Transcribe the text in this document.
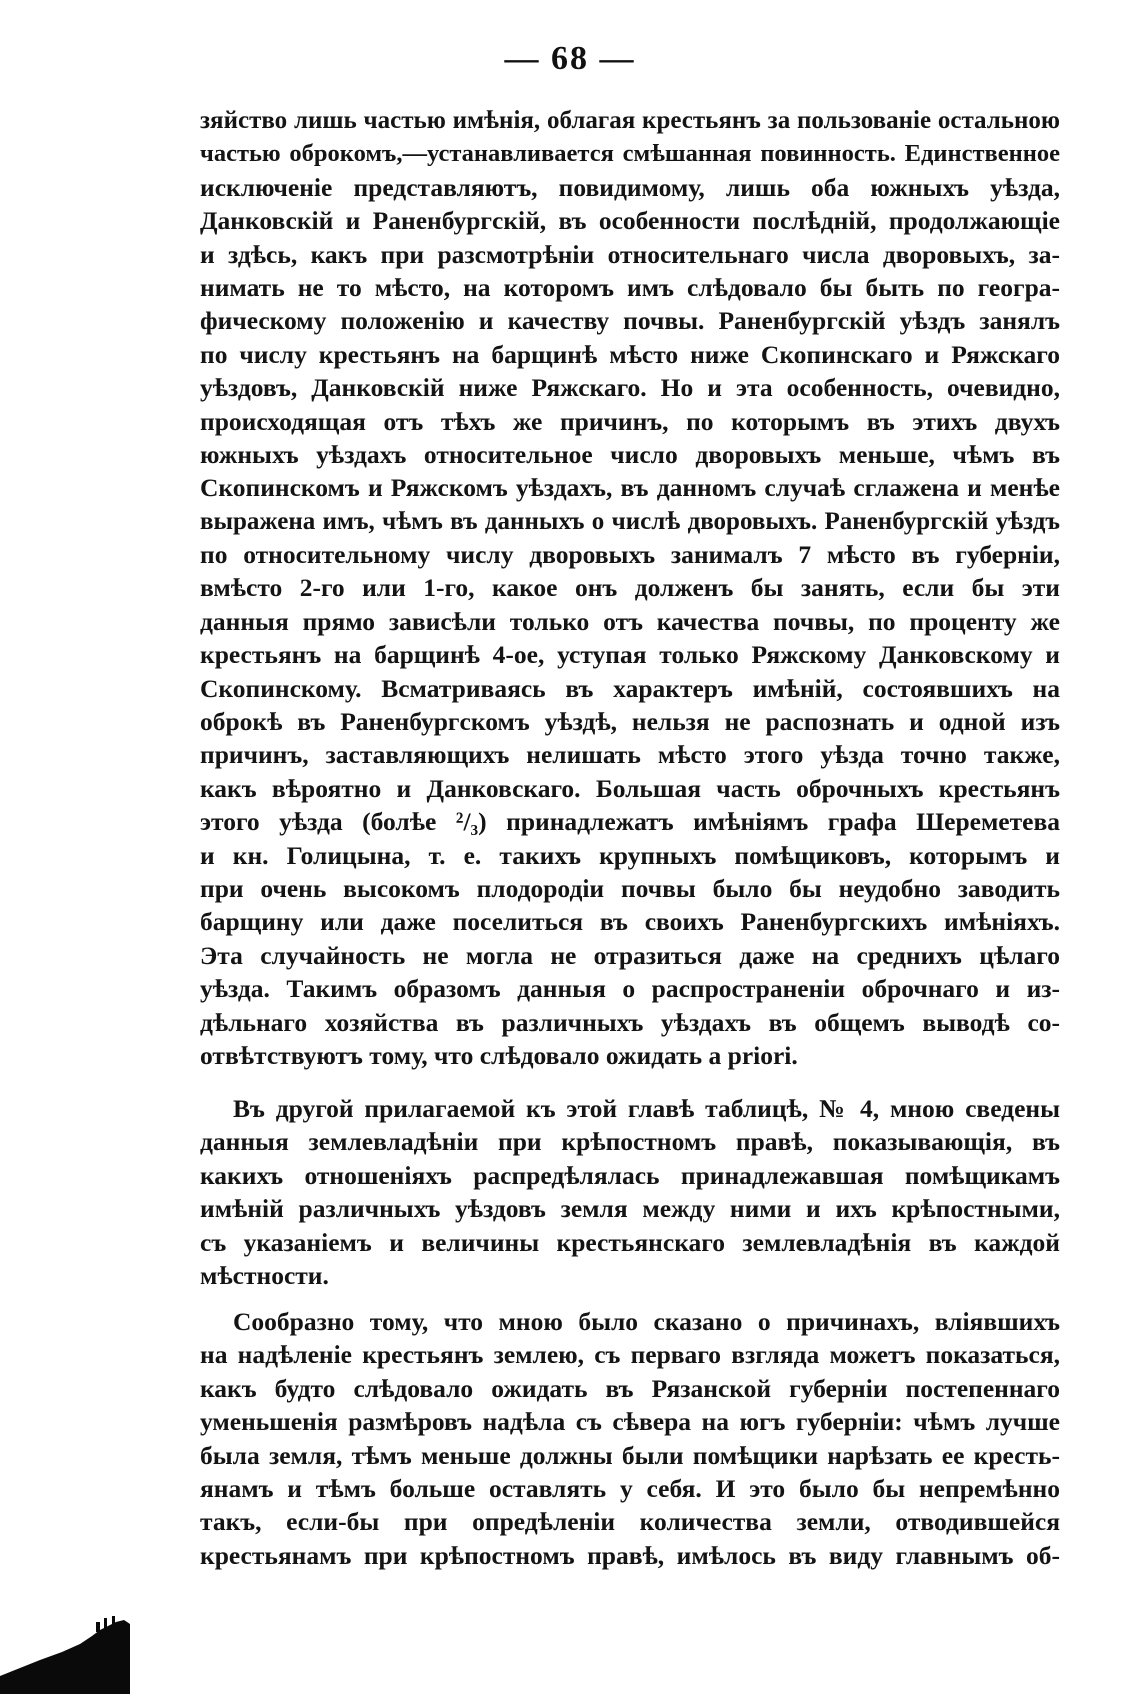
— 68 —
зяйство лишь частью имѣнія, облагая крестьянъ за пользованіе остальною
частью оброкомъ,—устанавливается смѣшанная повинность. Единственное
исключеніе представляютъ, повидимому, лишь оба южныхъ уѣзда,
Данковскій и Раненбургскій, въ особенности послѣдній, продолжающіе
и здѣсь, какъ при разсмотрѣніи относительнаго числа дворовыхъ, за-
нимать не то мѣсто, на которомъ имъ слѣдовало бы быть по геогра-
фическому положенію и качеству почвы. Раненбургскій уѣздъ занялъ
по числу крестьянъ на барщинѣ мѣсто ниже Скопинскаго и Ряжскаго
уѣздовъ, Данковскій ниже Ряжскаго. Но и эта особенность, очевидно,
происходящая отъ тѣхъ же причинъ, по которымъ въ этихъ двухъ
южныхъ уѣздахъ относительное число дворовыхъ меньше, чѣмъ въ
Скопинскомъ и Ряжскомъ уѣздахъ, въ данномъ случаѣ сглажена и менѣе
выражена имъ, чѣмъ въ данныхъ о числѣ дворовыхъ. Раненбургскій уѣздъ
по относительному числу дворовыхъ занималъ 7 мѣсто въ губерніи,
вмѣсто 2-го или 1-го, какое онъ долженъ бы занять, если бы эти
данныя прямо зависѣли только отъ качества почвы, по проценту же
крестьянъ на барщинѣ 4-ое, уступая только Ряжскому Данковскому и
Скопинскому. Всматриваясь въ характеръ имѣній, состоявшихъ на
оброкѣ въ Раненбургскомъ уѣздѣ, нельзя не распознать и одной изъ
причинъ, заставляющихъ нелишать мѣсто этого уѣзда точно также,
какъ вѣроятно и Данковскаго. Большая часть оброчныхъ крестьянъ
этого уѣзда (болѣе ²/₃) принадлежатъ имѣніямъ графа Шереметева
и кн. Голицына, т. е. такихъ крупныхъ помѣщиковъ, которымъ и
при очень высокомъ плодородіи почвы было бы неудобно заводить
барщину или даже поселиться въ своихъ Раненбургскихъ имѣніяхъ.
Эта случайность не могла не отразиться даже на среднихъ цѣлаго
уѣзда. Такимъ образомъ данныя о распространеніи оброчнаго и из-
дѣльнаго хозяйства въ различныхъ уѣздахъ въ общемъ выводѣ со-
отвѣтствуютъ тому, что слѣдовало ожидать a priori.
Въ другой прилагаемой къ этой главѣ таблицѣ, № 4, мною сведены
данныя землевладѣніи при крѣпостномъ правѣ, показывающія, въ
какихъ отношеніяхъ распредѣлялась принадлежавшая помѣщикамъ
имѣній различныхъ уѣздовъ земля между ними и ихъ крѣпостными,
съ указаніемъ и величины крестьянскаго землевладѣнія въ каждой
мѣстности.
Сообразно тому, что мною было сказано о причинахъ, вліявшихъ
на надѣленіе крестьянъ землею, съ перваго взгляда можетъ показаться,
какъ будто слѣдовало ожидать въ Рязанской губерніи постепеннаго
уменьшенія размѣровъ надѣла съ сѣвера на югъ губерніи: чѣмъ лучше
была земля, тѣмъ меньше должны были помѣщики нарѣзать ее кресть-
янамъ и тѣмъ больше оставлять у себя. И это было бы непремѣнно
такъ, если-бы при опредѣленіи количества земли, отводившейся
крестьянамъ при крѣпостномъ правѣ, имѣлось въ виду главнымъ об-
